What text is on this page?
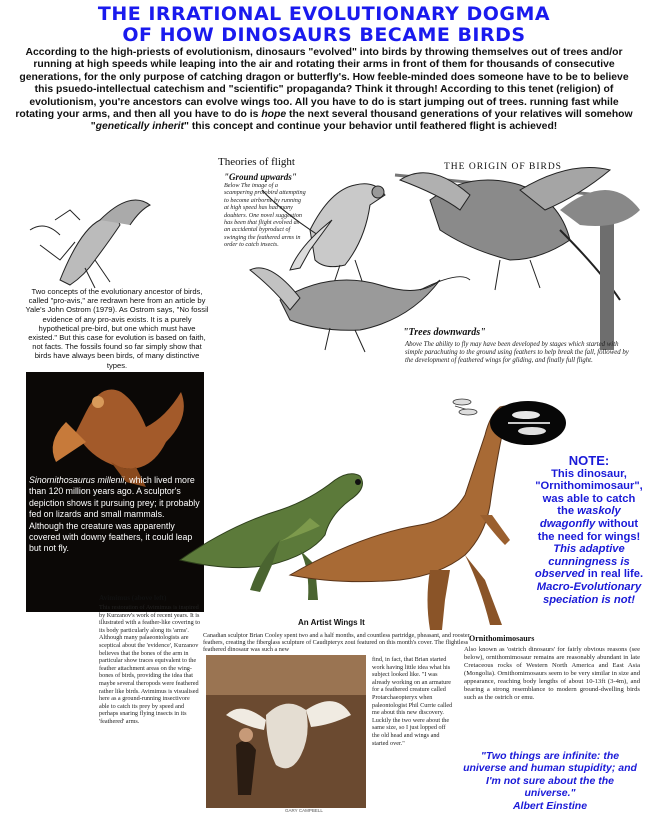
THE IRRATIONAL EVOLUTIONARY DOGMA
OF HOW DINOSAURS BECAME BIRDS
According to the high-priests of evolutionism, dinosaurs "evolved" into birds by throwing themselves out of trees and/or running at high speeds while leaping into the air and rotating their arms in front of them for thousands of consecutive generations, for the only purpose of catching dragon or butterfly's. How feeble-minded does someone have to be to believe this psuedo-intellectual catechism and "scientific" propaganda? Think it through! According to this tenet (religion) of evolutionism, you're ancestors can evolve wings too. All you have to do is start jumping out of trees. running fast while rotating your arms, and then all you have to do is hope the next several thousand generations of your relatives will somehow "genetically inherit" this concept and continue your behavior until feathered flight is achieved!
Theories of flight
"Ground upwards"
Below The image of a scampering protobird attempting to become airborne by running at high speed has had many doubters. One novel suggestion has been that flight evolved as an accidental byproduct of swinging the feathered arms in order to catch insects.
THE ORIGIN OF BIRDS
"Trees downwards"
Above The ability to fly may have been developed by stages which started with simple parachuting to the ground using feathers to help break the fall, followed by the development of feathered wings for gliding, and finally full flight.
Two concepts of the evolutionary ancestor of birds, called "pro-avis," are redrawn here from an article by Yale's John Ostrom (1979). As Ostrom says, "No fossil evidence of any pro-avis exists. It is a purely hypothetical pre-bird, but one which must have existed." But this case for evolution is based on faith, not facts. The fossils found so far simply show that birds have always been birds, of many distinctive types.
Sinornithosaurus millenii, which lived more than 120 million years ago. A sculptor's depiction shows it pursuing prey; it probably fed on lizards and small mammals. Although the creature was apparently covered with downy feathers, it could leap but not fly.
NOTE:
This dinosaur, "Ornithomimosaur", was able to catch the waskoly dwagonfly without the need for wings!
This adaptive cunningness is observed in real life.
Macro-Evolutionary speciation is not!
Avimimus (above left)
This restoration of Avimimus is inspired by Kurzanov's work of recent years. It is illustrated with a feather-like covering to its body particularly along its 'arms'. Although many palaeontologists are sceptical about the 'evidence', Kurzanov believes that the bones of the arm in particular show traces equivalent to the feather attachment areas on the wing-bones of birds, providing the idea that maybe several theropods were feathered rather like birds. Avimimus is visualised here as a ground-running insectivore able to catch its prey by speed and perhaps snaring flying insects in its 'feathered' arms.
An Artist Wings It
Canadian sculptor Brian Cooley spent two and a half months, and countless partridge, pheasant, and rooster feathers, creating the fiberglass sculpture of Caudipteryx zoui featured on this month's cover. The flightless feathered dinosaur was such a new
find, in fact, that Brian started work having little idea what his subject looked like. "I was already working on an armature for a feathered creature called Protarchaeopteryx when paleontologist Phil Currie called me about this new discovery. Luckily the two were about the same size, so I just lopped off the old head and wings and started over."
GARY CAMPBELL
Ornithomimosaurs
Also known as 'ostrich dinosaurs' for fairly obvious reasons (see below), ornithomimosaur remains are reasonably abundant in late Cretaceous rocks of Western North America and East Asia (Mongolia). Ornithomimosaurs seem to be very similar in size and appearance, reaching body lengths of about 10-13ft (3-4m), and bearing a strong resemblance to modern ground-dwelling birds such as the ostrich or emu.
"Two things are infinite: the universe and human stupidity; and I'm not sure about the the universe."
Albert Einstine
